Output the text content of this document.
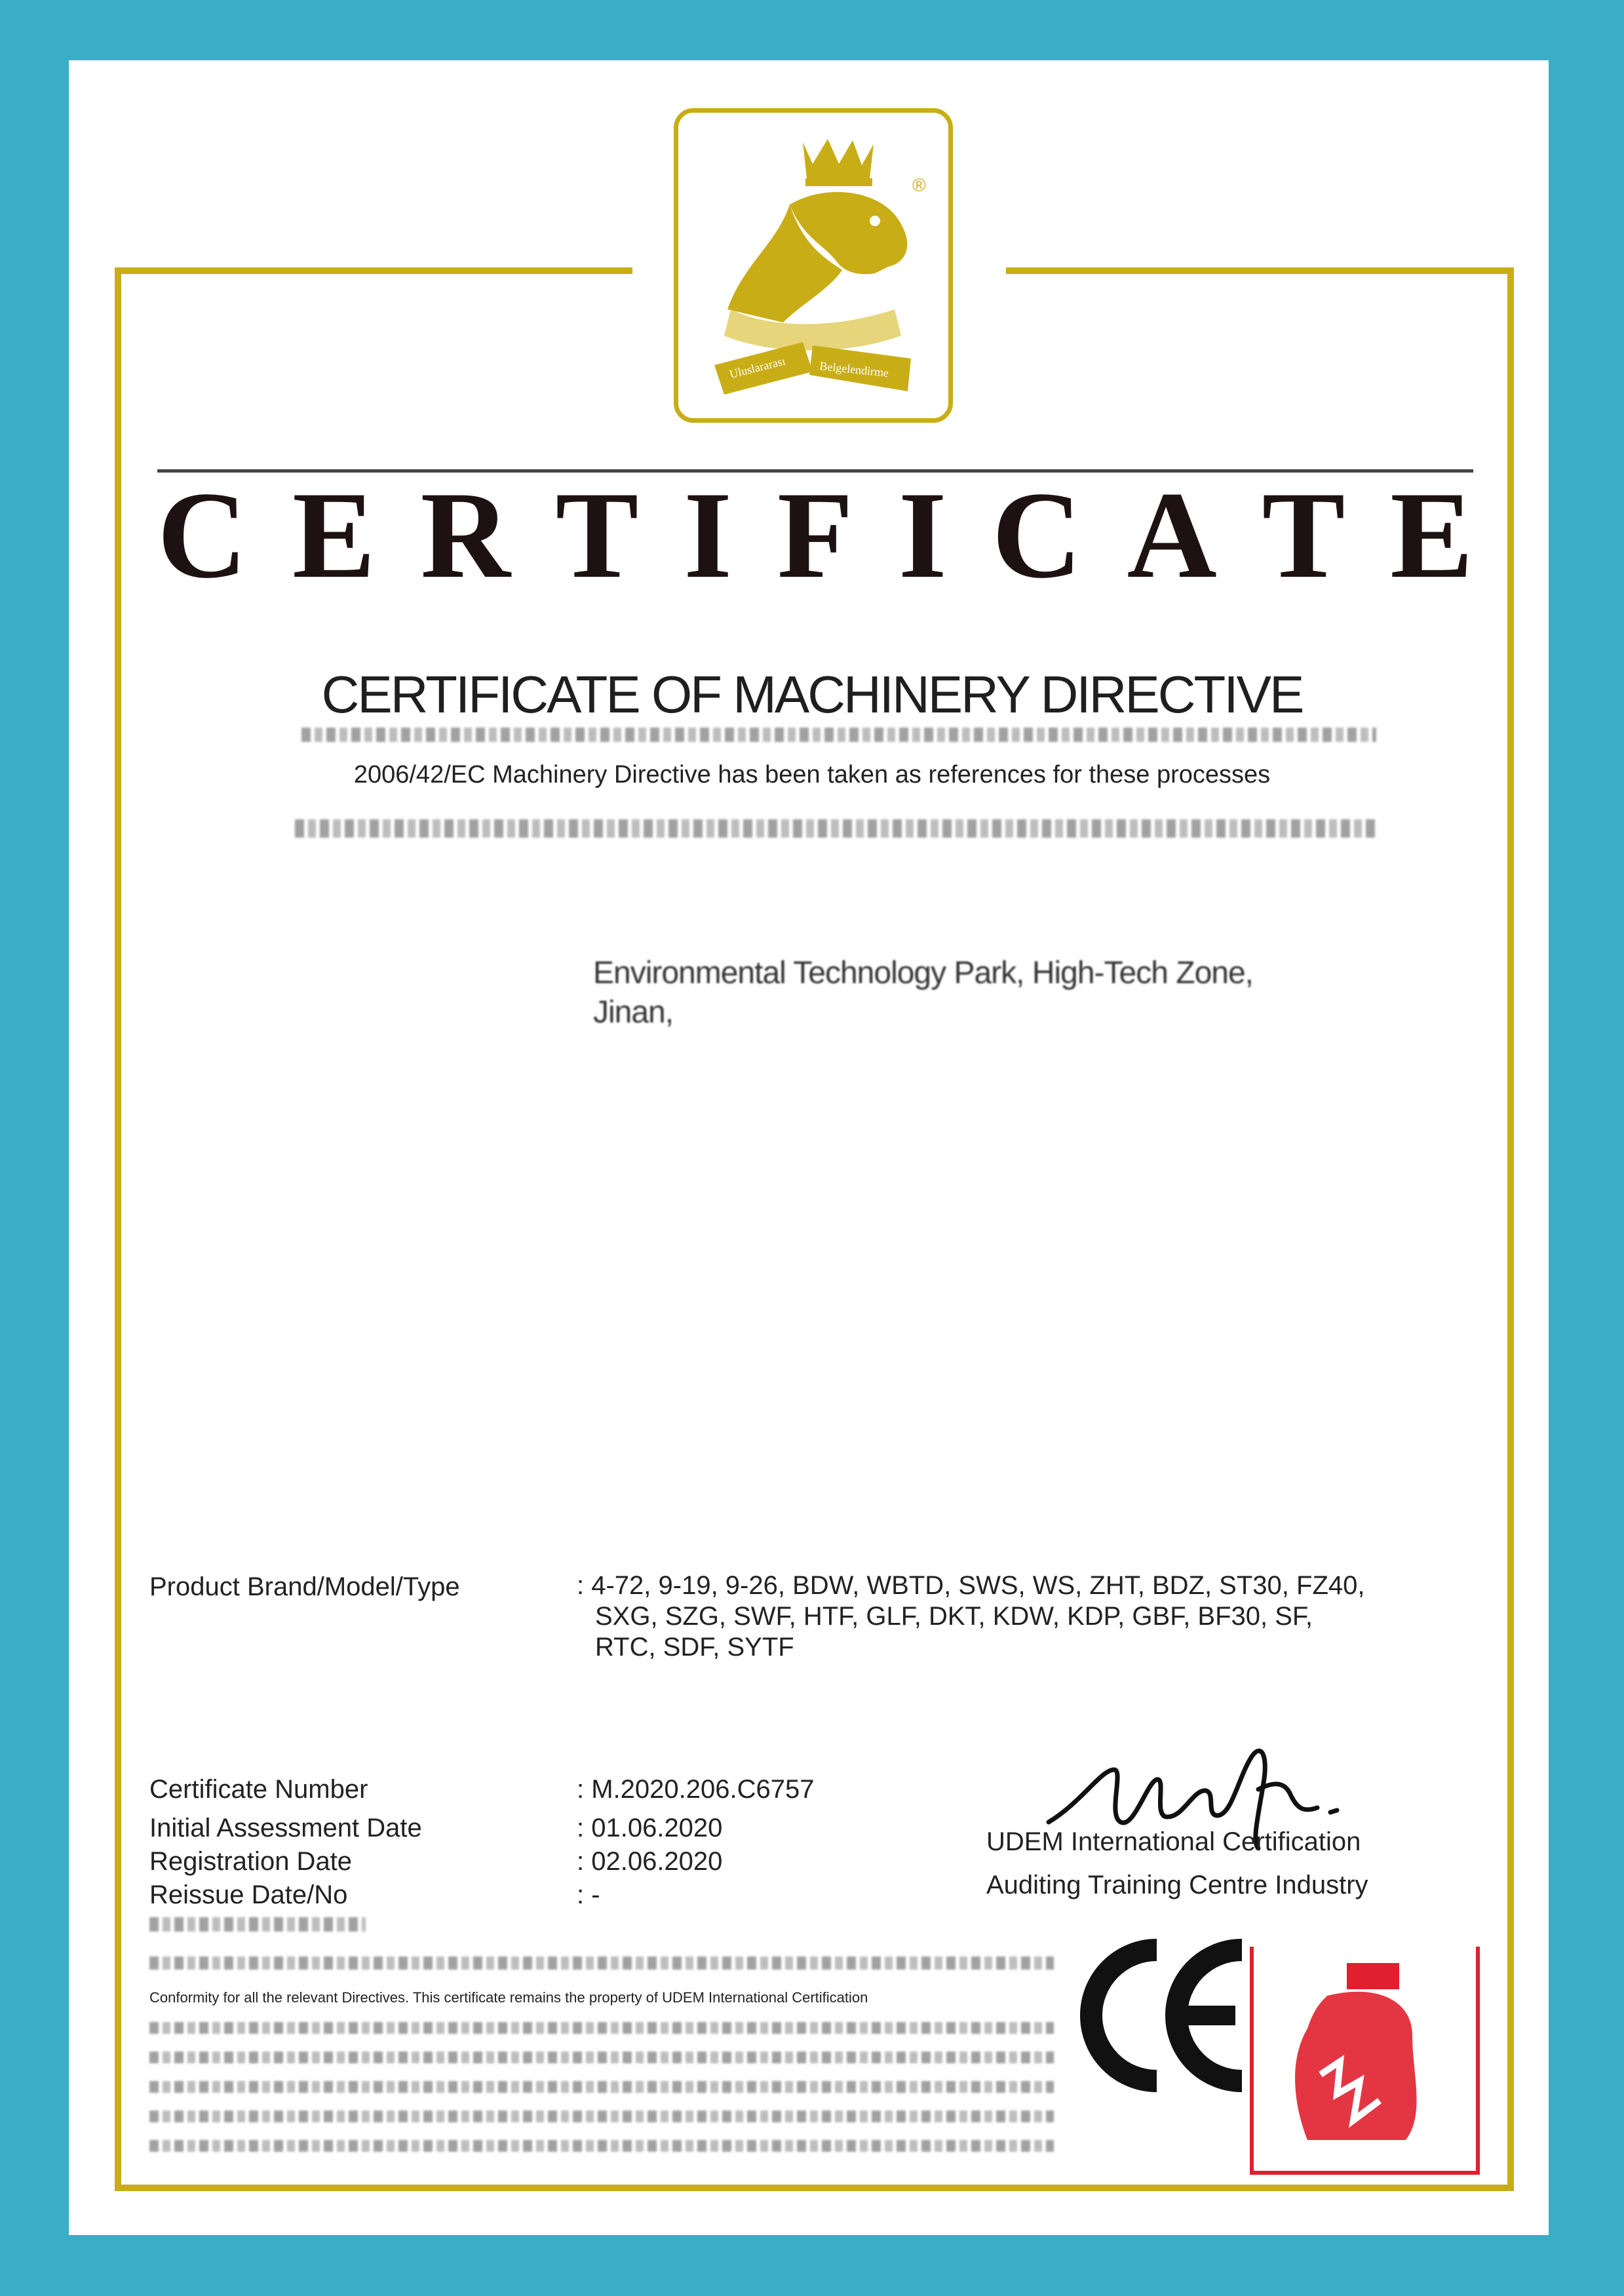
Uluslararası	Belgelendirme
®
C E R T I F I C A T E
CERTIFICATE OF MACHINERY DIRECTIVE
2006/42/EC Machinery Directive has been taken as references for these processes
Environmental Technology Park, High-Tech Zone, Jinan,
Product Brand/Model/Type	: 4-72, 9-19, 9-26, BDW, WBTD, SWS, WS, ZHT, BDZ, ST30, FZ40,
SXG, SZG, SWF, HTF, GLF, DKT, KDW, KDP, GBF, BF30, SF,
RTC, SDF, SYTF
Certificate Number	: M.2020.206.C6757
Initial Assessment Date	: 01.06.2020
Registration Date	: 02.06.2020
Reissue Date/No	: -
UDEM International Certification
Auditing Training Centre Industry
Conformity for all the relevant Directives. This certificate remains the property of UDEM International Certification
